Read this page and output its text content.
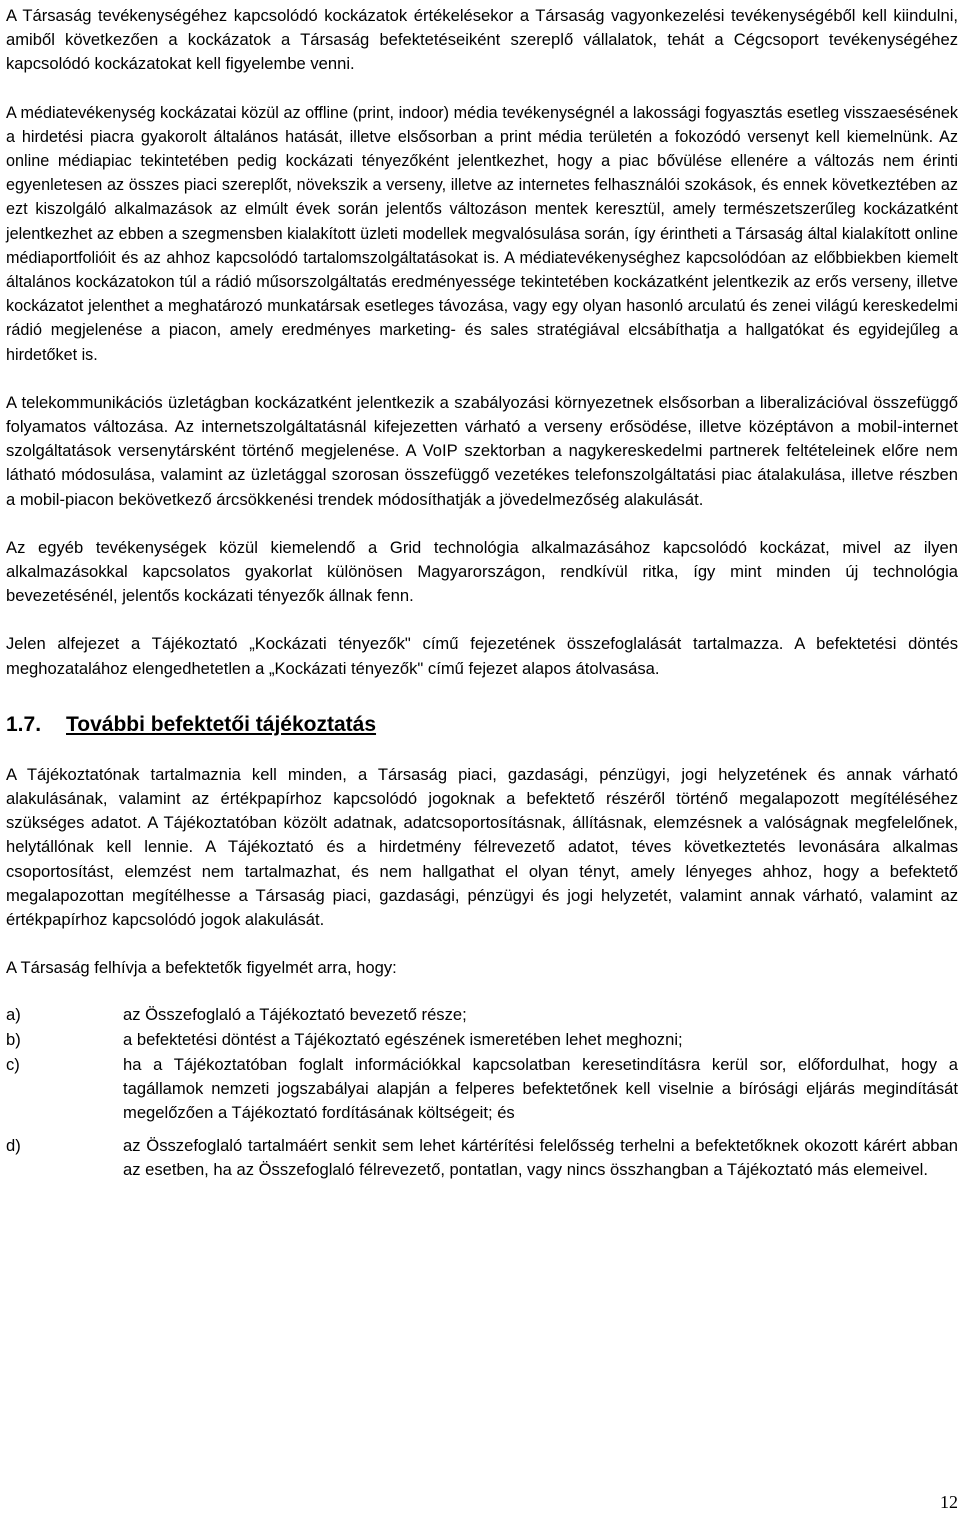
A Társaság tevékenységéhez kapcsolódó kockázatok értékelésekor a Társaság vagyonkezelési tevékenységéből kell kiindulni, amiből következően a kockázatok a Társaság befektetéseiként szereplő vállalatok, tehát a Cégcsoport tevékenységéhez kapcsolódó kockázatokat kell figyelembe venni.

A médiatevékenység kockázatai közül az offline (print, indoor) média tevékenységnél a lakossági fogyasztás esetleg visszaesésének a hirdetési piacra gyakorolt általános hatását, illetve elsősorban a print média területén a fokozódó versenyt kell kiemelnünk. Az online médiapiac tekintetében pedig kockázati tényezőként jelentkezhet, hogy a piac bővülése ellenére a változás nem érinti egyenletesen az összes piaci szereplőt, növekszik a verseny, illetve az internetes felhasználói szokások, és ennek következtében az ezt kiszolgáló alkalmazások az elmúlt évek során jelentős változáson mentek keresztül, amely természetszerűleg kockázatként jelentkezhet az ebben a szegmensben kialakított üzleti modellek megvalósulása során, így érintheti a Társaság által kialakított online médiaportfolióit és az ahhoz kapcsolódó tartalomszolgáltatásokat is. A médiatevékenységhez kapcsolódóan az előbbiekben kiemelt általános kockázatokon túl a rádió műsorszolgáltatás eredményessége tekintetében kockázatként jelentkezik az erős verseny, illetve kockázatot jelenthet a meghatározó munkatársak esetleges távozása, vagy egy olyan hasonló arculatú és zenei világú kereskedelmi rádió megjelenése a piacon, amely eredményes marketing- és sales stratégiával elcsábíthatja a hallgatókat és egyidejűleg a hirdetőket is.

A telekommunikációs üzletágban kockázatként jelentkezik a szabályozási környezetnek elsősorban a liberalizációval összefüggő folyamatos változása. Az internetszolgáltatásnál kifejezetten várható a verseny erősödése, illetve középtávon a mobil-internet szolgáltatások versenytársként történő megjelenése. A VoIP szektorban a nagykereskedelmi partnerek feltételeinek előre nem látható módosulása, valamint az üzletággal szorosan összefüggő vezetékes telefonszolgáltatási piac átalakulása, illetve részben a mobil-piacon bekövetkező árcsökkenési trendek módosíthatják a jövedelmezőség alakulását.

Az egyéb tevékenységek közül kiemelendő a Grid technológia alkalmazásához kapcsolódó kockázat, mivel az ilyen alkalmazásokkal kapcsolatos gyakorlat különösen Magyarországon, rendkívül ritka, így mint minden új technológia bevezetésénél, jelentős kockázati tényezők állnak fenn.

Jelen alfejezet a Tájékoztató „Kockázati tényezők" című fejezetének összefoglalását tartalmazza. A befektetési döntés meghozatalához elengedhetetlen a „Kockázati tényezők" című fejezet alapos átolvasása.

1.7.	További befektetői tájékoztatás

A Tájékoztatónak tartalmaznia kell minden, a Társaság piaci, gazdasági, pénzügyi, jogi helyzetének és annak várható alakulásának, valamint az értékpapírhoz kapcsolódó jogoknak a befektető részéről történő megalapozott megítéléséhez szükséges adatot. A Tájékoztatóban közölt adatnak, adatcsoportosításnak, állításnak, elemzésnek a valóságnak megfelelőnek, helytállónak kell lennie. A Tájékoztató és a hirdetmény félrevezető adatot, téves következtetés levonására alkalmas csoportosítást, elemzést nem tartalmazhat, és nem hallgathat el olyan tényt, amely lényeges ahhoz, hogy a befektető megalapozottan megítélhesse a Társaság piaci, gazdasági, pénzügyi és jogi helyzetét, valamint annak várható, valamint az értékpapírhoz kapcsolódó jogok alakulását.

A Társaság felhívja a befektetők figyelmét arra, hogy:

a)	az Összefoglaló a Tájékoztató bevezető része;
b)	a befektetési döntést a Tájékoztató egészének ismeretében lehet meghozni;
c)	ha a Tájékoztatóban foglalt információkkal kapcsolatban keresetindításra kerül sor, előfordulhat, hogy a tagállamok nemzeti jogszabályai alapján a felperes befektetőnek kell viselnie a bírósági eljárás megindítását megelőzően a Tájékoztató fordításának költségeit; és
d)	az Összefoglaló tartalmáért senkit sem lehet kártérítési felelősség terhelni a befektetőknek okozott kárért abban az esetben, ha az Összefoglaló félrevezető, pontatlan, vagy nincs összhangban a Tájékoztató más elemeivel.
12
